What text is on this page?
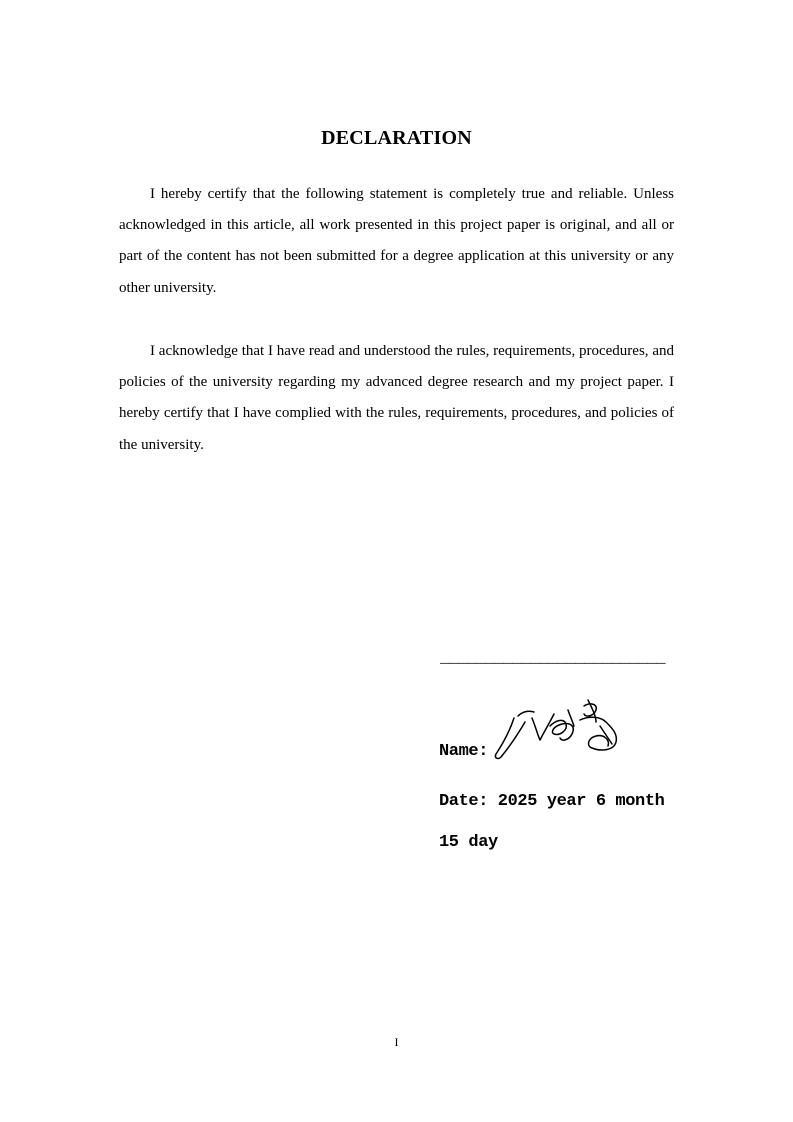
DECLARATION

I hereby certify that the following statement is completely true and reliable. Unless acknowledged in this article, all work presented in this project paper is original, and all or part of the content has not been submitted for a degree application at this university or any other university.

I acknowledge that I have read and understood the rules, requirements, procedures, and policies of the university regarding my advanced degree research and my project paper. I hereby certify that I have complied with the rules, requirements, procedures, and policies of the university.

_________________________
Name:
Date: 2025 year 6 month 15 day
I
